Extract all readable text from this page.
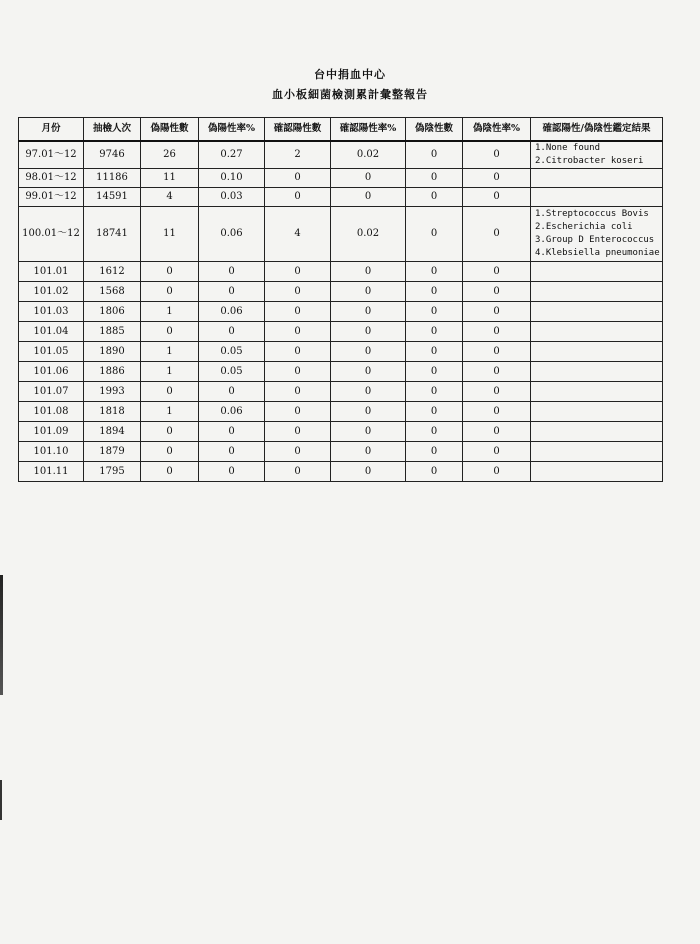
台中捐血中心
血小板細菌檢測累計彙整報告
月份	抽檢人次	偽陽性數	偽陽性率%	確認陽性數	確認陽性率%	偽陰性數	偽陰性率%	確認陽性/偽陰性鑑定結果
97.01～12	9746	26	0.27	2	0.02	0	0	1.None found
2.Citrobacter koseri

98.01～12	11186	11	0.10	0	0	0	0	
99.01～12	14591	4	0.03	0	0	0	0	
100.01～12	18741	11	0.06	4	0.02	0	0	1.Streptococcus Bovis
2.Escherichia coli
3.Group D Enterococcus
4.Klebsiella pneumoniae

101.01	1612	0	0	0	0	0	0	
101.02	1568	0	0	0	0	0	0	
101.03	1806	1	0.06	0	0	0	0	
101.04	1885	0	0	0	0	0	0	
101.05	1890	1	0.05	0	0	0	0	
101.06	1886	1	0.05	0	0	0	0	
101.07	1993	0	0	0	0	0	0	
101.08	1818	1	0.06	0	0	0	0	
101.09	1894	0	0	0	0	0	0	
101.10	1879	0	0	0	0	0	0	
101.11	1795	0	0	0	0	0	0	
